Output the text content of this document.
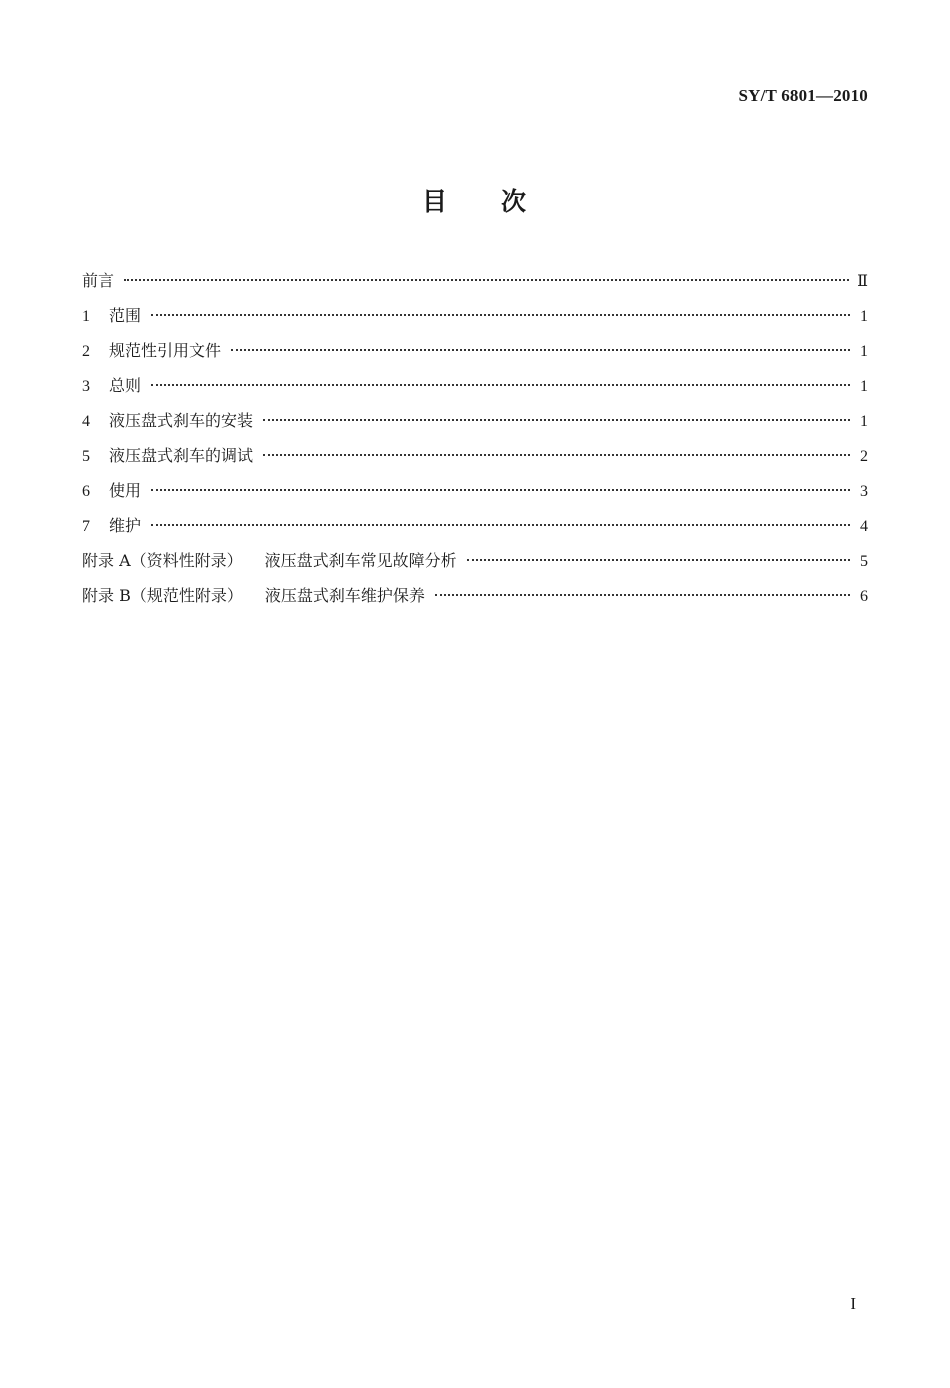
SY/T 6801—2010
目 次
前言	Ⅱ
1	范围	1
2	规范性引用文件	1
3	总则	1
4	液压盘式刹车的安装	1
5	液压盘式刹车的调试	2
6	使用	3
7	维护	4
附录 A（资料性附录） 液压盘式刹车常见故障分析	5
附录 B（规范性附录） 液压盘式刹车维护保养	6
I
